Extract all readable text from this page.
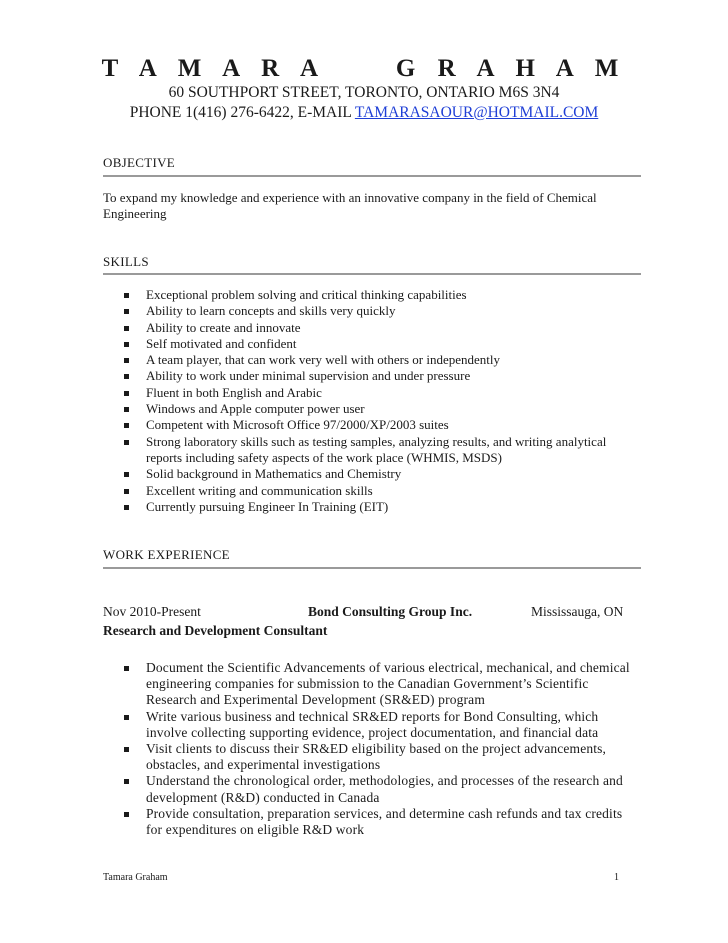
T A M A R A     G R A H A M
60 SOUTHPORT STREET, TORONTO, ONTARIO M6S 3N4
PHONE 1(416) 276-6422, E-MAIL TAMARASAOUR@HOTMAIL.COM
OBJECTIVE
To expand my knowledge and experience with an innovative company in the field of Chemical Engineering
SKILLS
Exceptional problem solving and critical thinking capabilities
Ability to learn concepts and skills very quickly
Ability to create and innovate
Self motivated and confident
A team player, that can work very well with others or independently
Ability to work under minimal supervision and under pressure
Fluent in both English and Arabic
Windows and Apple computer power user
Competent with Microsoft Office 97/2000/XP/2003 suites
Strong laboratory skills such as testing samples, analyzing results, and writing analytical reports including safety aspects of the work place (WHMIS, MSDS)
Solid background in Mathematics and Chemistry
Excellent writing and communication skills
Currently pursuing Engineer In Training (EIT)
WORK EXPERIENCE
Nov 2010-Present	Bond Consulting Group Inc.	Mississauga, ON
Research and Development Consultant
Document the Scientific Advancements of various electrical, mechanical, and chemical engineering companies for submission to the Canadian Government’s Scientific Research and Experimental Development (SR&ED) program
Write various business and technical SR&ED reports for Bond Consulting, which involve collecting supporting evidence, project documentation, and financial data
Visit clients to discuss their SR&ED eligibility based on the project advancements, obstacles, and experimental investigations
Understand the chronological order, methodologies, and processes of the research and development (R&D) conducted in Canada
Provide consultation, preparation services, and determine cash refunds and tax credits for expenditures on eligible R&D work
Tamara Graham	1
